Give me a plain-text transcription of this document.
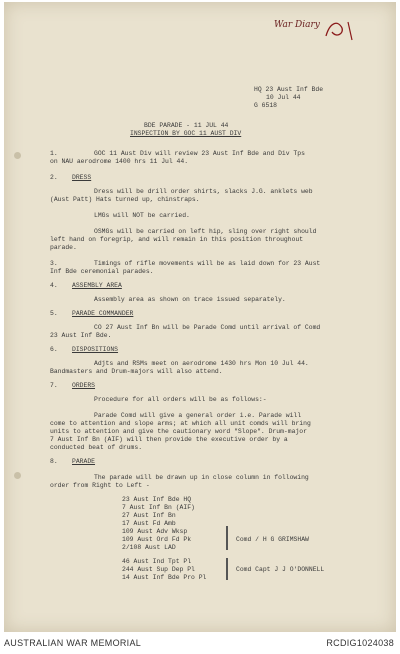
War Diary
HQ 23 Aust Inf Bde
10 Jul 44
G 6518
BDE PARADE - 11 JUL 44
INSPECTION BY GOC 11 AUST DIV
1.	GOC 11 Aust Div will review 23 Aust Inf Bde and Div Tps
on NAU aerodrome 1400 hrs 11 Jul 44.
2. DRESS
Dress will be drill order shirts, slacks J.G. anklets web
(Aust Patt) Hats turned up, chinstraps.
LMGs will NOT be carried.
OSMGs will be carried on left hip, sling over right should
left hand on foregrip, and will remain in this position throughout
parade.
3.	Timings of rifle movements will be as laid down for 23 Aust
Inf Bde ceremonial parades.
4. ASSEMBLY AREA
Assembly area as shown on trace issued separately.
5. PARADE COMMANDER
CO 27 Aust Inf Bn will be Parade Comd until arrival of Comd
23 Aust Inf Bde.
6. DISPOSITIONS
Adjts and RSMs meet on aerodrome 1430 hrs Mon 10 Jul 44.
Bandmasters and Drum-majors will also attend.
7. ORDERS
Procedure for all orders will be as follows:-
Parade Comd will give a general order i.e. Parade will
come to attention and slope arms; at which all unit comds will bring
units to attention and give the cautionary word "Slope". Drum-major
7 Aust Inf Bn (AIF) will then provide the executive order by a
conducted beat of drums.
8. PARADE
The parade will be drawn up in close column in following
order from Right to Left -
23 Aust Inf Bde HQ
7 Aust Inf Bn (AIF)
27 Aust Inf Bn
17 Aust Fd Amb
109 Aust Adv Wksp
109 Aust Ord Fd Pk
2/108 Aust LAD
Comd / H G GRIMSHAW
46 Aust Ind Tpt Pl
244 Aust Sup Dep Pl
14 Aust Inf Bde Pro Pl
Comd Capt J J O'DONNELL
AUSTRALIAN WAR MEMORIAL	RCDIG1024038
